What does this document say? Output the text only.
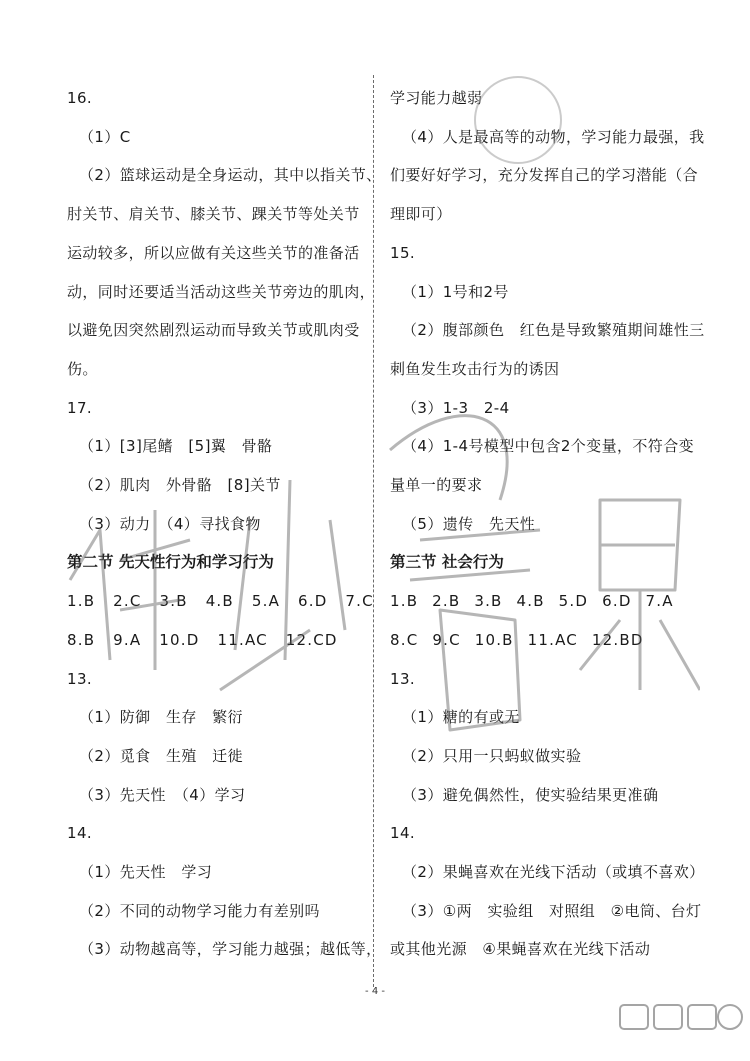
16.
（1）C
（2）篮球运动是全身运动，其中以指关节、
肘关节、肩关节、膝关节、踝关节等处关节
运动较多，所以应做有关这些关节的准备活
动，同时还要适当活动这些关节旁边的肌肉，
以避免因突然剧烈运动而导致关节或肌肉受
伤。
17.
（1）[3]尾鳍　[5]翼　骨骼
（2）肌肉　外骨骼　[8]关节
（3）动力　（4）寻找食物
第二节 先天性行为和学习行为
1.B 2.C 3.B 4.B 5.A 6.D 7.C
8.B 9.A 10.D 11.AC 12.CD
13.
（1）防御　生存　繁衍
（2）觅食　生殖　迁徙
（3）先天性　（4）学习
14.
（1）先天性　学习
（2）不同的动物学习能力有差别吗
（3）动物越高等，学习能力越强；越低等，
学习能力越弱
（4）人是最高等的动物，学习能力最强，我
们要好好学习，充分发挥自己的学习潜能（合
理即可）
15.
（1）1号和2号
（2）腹部颜色　红色是导致繁殖期间雄性三
刺鱼发生攻击行为的诱因
（3）1-3　2-4
（4）1-4号模型中包含2个变量，不符合变
量单一的要求
（5）遗传　先天性
第三节 社会行为
1.B 2.B 3.B 4.B 5.D 6.D 7.A
8.C 9.C 10.B 11.AC 12.BD
13.
（1）糖的有或无
（2）只用一只蚂蚁做实验
（3）避免偶然性，使实验结果更准确
14.
（2）果蝇喜欢在光线下活动（或填不喜欢）
（3）①两　实验组　对照组　②电筒、台灯
或其他光源　④果蝇喜欢在光线下活动
- 4 -
